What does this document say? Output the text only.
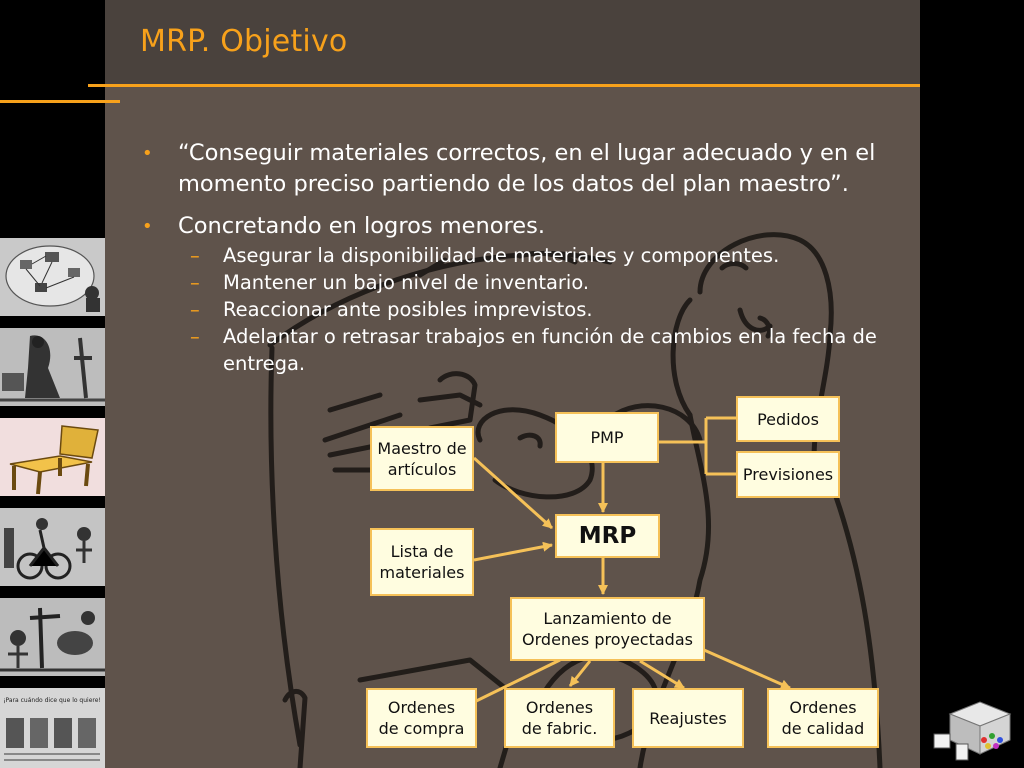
MRP. Objetivo
¡Para cuándo dice que lo quiere!
• “Conseguir materiales correctos, en el lugar adecuado y en el momento preciso partiendo de los datos del plan maestro”.
• Concretando en logros menores.
– Asegurar la disponibilidad de materiales y componentes.
– Mantener un bajo nivel de inventario.
– Reaccionar ante posibles imprevistos.
– Adelantar o retrasar trabajos en función de cambios en la fecha de entrega.
Pedidos
Previsiones
PMP
Maestro de
artículos
MRP
Lista de
materiales
Lanzamiento de
Ordenes proyectadas
Ordenes
de compra
Ordenes
de fabric.
Reajustes
Ordenes
de calidad
